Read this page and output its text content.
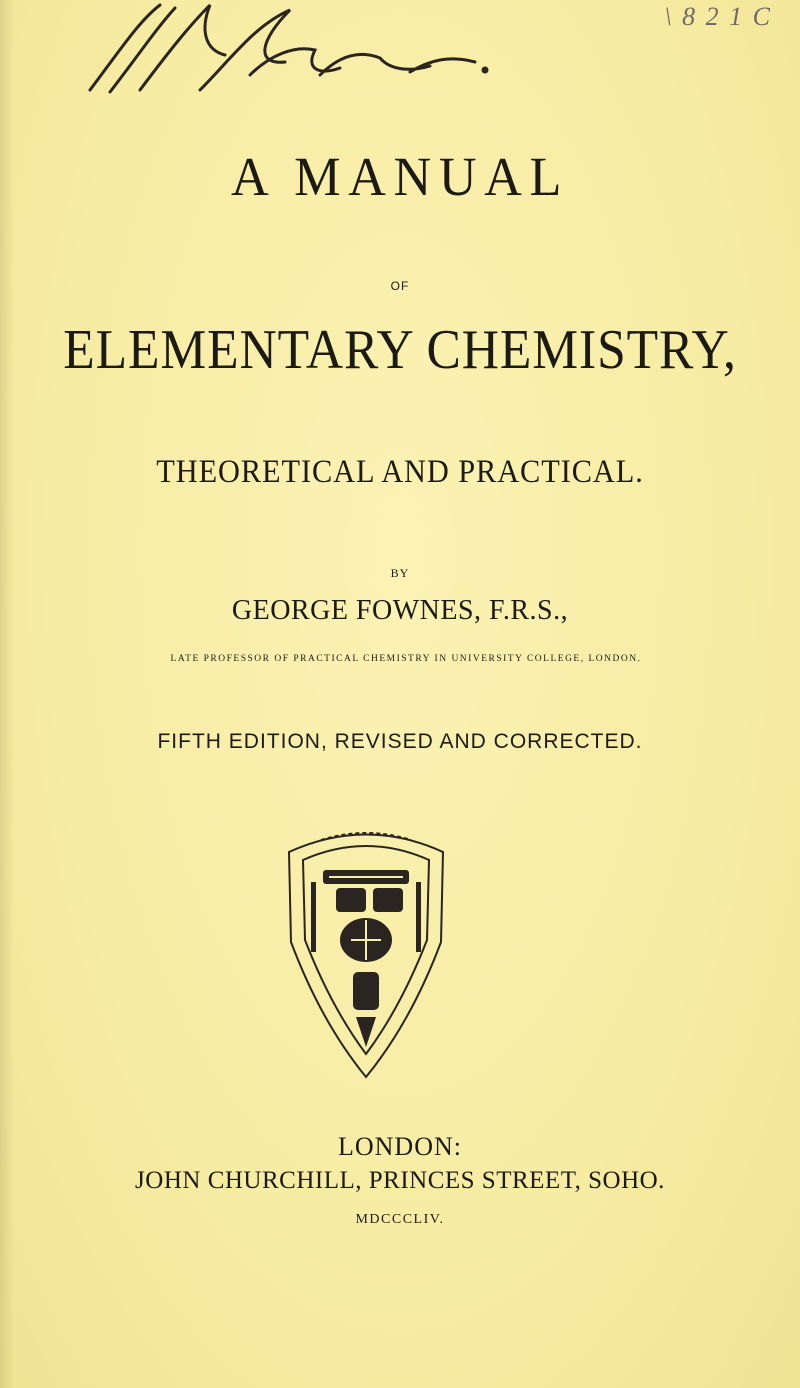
\ 8 2 1 C
A MANUAL
OF
ELEMENTARY CHEMISTRY,
THEORETICAL AND PRACTICAL.
BY
GEORGE FOWNES, F.R.S.,
LATE PROFESSOR OF PRACTICAL CHEMISTRY IN UNIVERSITY COLLEGE, LONDON.
FIFTH EDITION, REVISED AND CORRECTED.
LONDON:
JOHN CHURCHILL, PRINCES STREET, SOHO.
MDCCCLIV.
